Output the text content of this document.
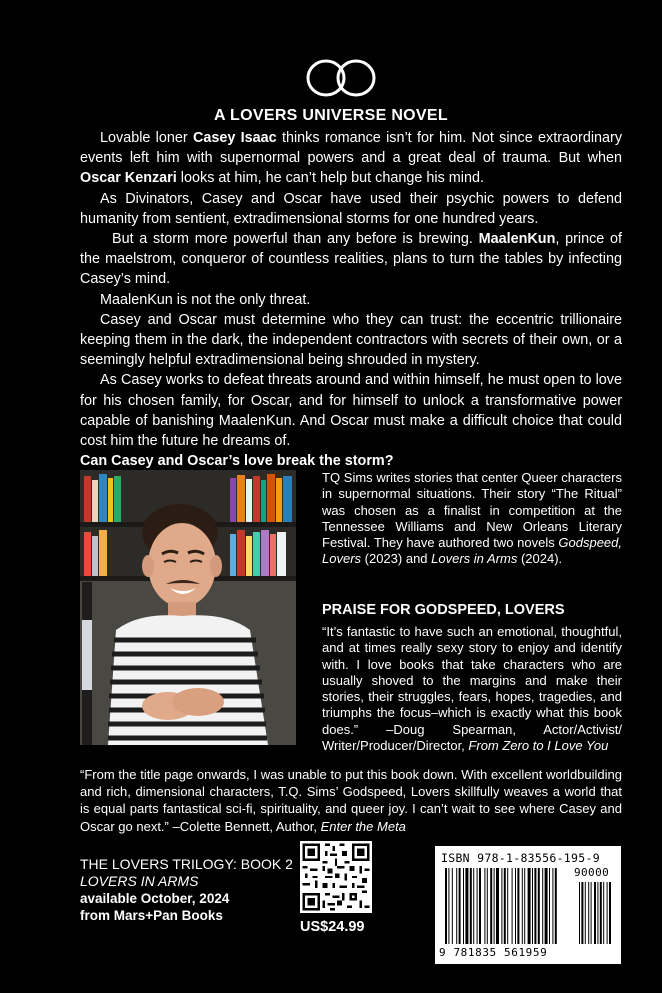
A LOVERS UNIVERSE NOVEL

Lovable loner Casey Isaac thinks romance isn’t for him. Not since extraordinary events left him with supernormal powers and a great deal of trauma. But when Oscar Kenzari looks at him, he can’t help but change his mind.

As Divinators, Casey and Oscar have used their psychic powers to defend humanity from sentient, extradimensional storms for one hundred years.

But a storm more powerful than any before is brewing. MaalenKun, prince of the maelstrom, conqueror of countless realities, plans to turn the tables by infecting Casey’s mind.

MaalenKun is not the only threat.

Casey and Oscar must determine who they can trust: the eccentric trillionaire keeping them in the dark, the independent contractors with secrets of their own, or a seemingly helpful extradimensional being shrouded in mystery.

As Casey works to defeat threats around and within himself, he must open to love for his chosen family, for Oscar, and for himself to unlock a transformative power capable of banishing MaalenKun. And Oscar must make a difficult choice that could cost him the future he dreams of.

Can Casey and Oscar’s love break the storm?

TQ Sims writes stories that center Queer characters in supernormal situations. Their story “The Ritual” was chosen as a finalist in competition at the Tennessee Williams and New Orleans Literary Festival. They have authored two novels Godspeed, Lovers (2023) and Lovers in Arms (2024).
PRAISE FOR GODSPEED, LOVERS
“It’s fantastic to have such an emotional, thoughtful, and at times really sexy story to enjoy and identify with. I love books that take characters who are usually shoved to the margins and make their stories, their struggles, fears, hopes, tragedies, and triumphs the focus–which is exactly what this book does.” –Doug Spearman, Actor/Activist/ Writer/Producer/Director, From Zero to I Love You
“From the title page onwards, I was unable to put this book down. With excellent worldbuilding and rich, dimensional characters, T.Q. Sims’ Godspeed, Lovers skillfully weaves a world that is equal parts fantastical sci-fi, spirituality, and queer joy. I can’t wait to see where Casey and Oscar go next.” –Colette Bennett, Author, Enter the Meta
THE LOVERS TRILOGY: BOOK 2
LOVERS IN ARMS
available October, 2024
from Mars+Pan Books
US$24.99
ISBN 978-1-83556-195-9
90000
9 781835 561959
